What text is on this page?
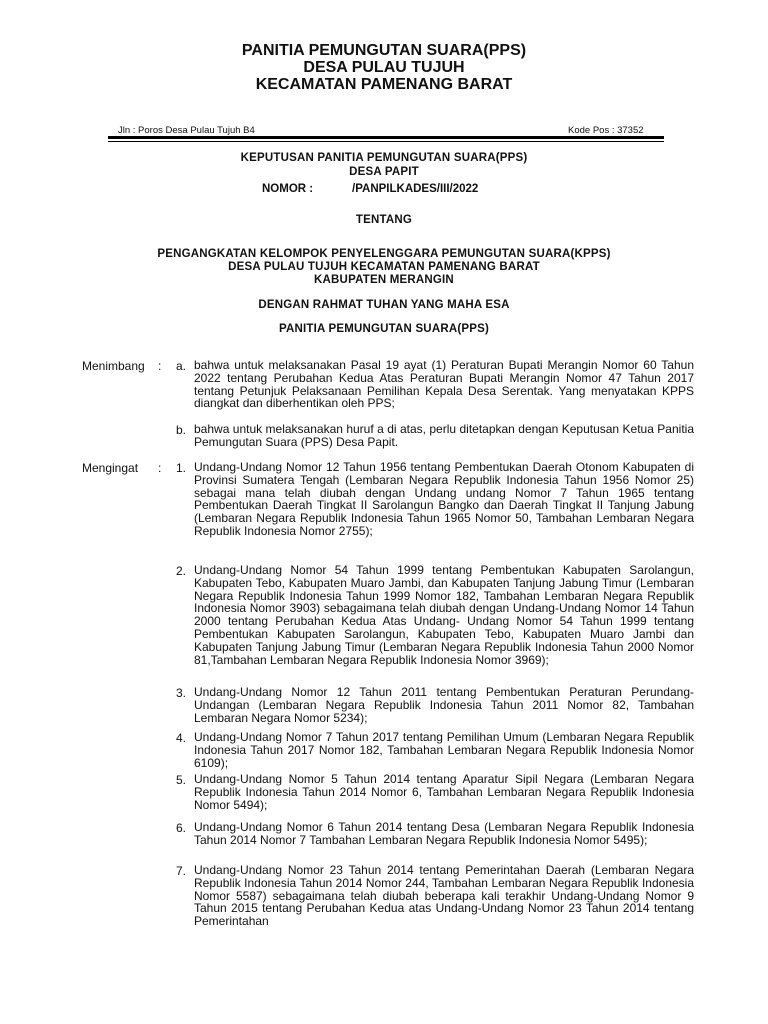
PANITIA PEMUNGUTAN SUARA(PPS)
DESA PULAU TUJUH
KECAMATAN PAMENANG BARAT
Jln : Poros Desa Pulau Tujuh B4	Kode Pos : 37352
KEPUTUSAN PANITIA PEMUNGUTAN SUARA(PPS)
DESA PAPIT
NOMOR :	/PANPILKADES/III/2022
TENTANG
PENGANGKATAN KELOMPOK PENYELENGGARA PEMUNGUTAN SUARA(KPPS)
DESA PULAU TUJUH KECAMATAN PAMENANG BARAT
KABUPATEN MERANGIN
DENGAN RAHMAT TUHAN YANG MAHA ESA
PANITIA PEMUNGUTAN SUARA(PPS)
Menimbang : a. bahwa untuk melaksanakan Pasal 19 ayat (1) Peraturan Bupati Merangin Nomor 60 Tahun 2022 tentang Perubahan Kedua Atas Peraturan Bupati Merangin Nomor 47 Tahun 2017 tentang Petunjuk Pelaksanaan Pemilihan Kepala Desa Serentak. Yang menyatakan KPPS diangkat dan diberhentikan oleh PPS;
b. bahwa untuk melaksanakan huruf a di atas, perlu ditetapkan dengan Keputusan Ketua Panitia Pemungutan Suara (PPS) Desa Papit.
Mengingat : 1. Undang-Undang Nomor 12 Tahun 1956 tentang Pembentukan Daerah Otonom Kabupaten di Provinsi Sumatera Tengah (Lembaran Negara Republik Indonesia Tahun 1956 Nomor 25) sebagai mana telah diubah dengan Undang undang Nomor 7 Tahun 1965 tentang Pembentukan Daerah Tingkat II Sarolangun Bangko dan Daerah Tingkat II Tanjung Jabung (Lembaran Negara Republik Indonesia Tahun 1965 Nomor 50, Tambahan Lembaran Negara Republik Indonesia Nomor 2755);
2. Undang-Undang Nomor 54 Tahun 1999 tentang Pembentukan Kabupaten Sarolangun, Kabupaten Tebo, Kabupaten Muaro Jambi, dan Kabupaten Tanjung Jabung Timur (Lembaran Negara Republik Indonesia Tahun 1999 Nomor 182, Tambahan Lembaran Negara Republik Indonesia Nomor 3903) sebagaimana telah diubah dengan Undang-Undang Nomor 14 Tahun 2000 tentang Perubahan Kedua Atas Undang- Undang Nomor 54 Tahun 1999 tentang Pembentukan Kabupaten Sarolangun, Kabupaten Tebo, Kabupaten Muaro Jambi dan Kabupaten Tanjung Jabung Timur (Lembaran Negara Republik Indonesia Tahun 2000 Nomor 81,Tambahan Lembaran Negara Republik Indonesia Nomor 3969);
3. Undang-Undang Nomor 12 Tahun 2011 tentang Pembentukan Peraturan Perundang-Undangan (Lembaran Negara Republik Indonesia Tahun 2011 Nomor 82, Tambahan Lembaran Negara Nomor 5234);
4. Undang-Undang Nomor 7 Tahun 2017 tentang Pemilihan Umum (Lembaran Negara Republik Indonesia Tahun 2017 Nomor 182, Tambahan Lembaran Negara Republik Indonesia Nomor 6109);
5. Undang-Undang Nomor 5 Tahun 2014 tentang Aparatur Sipil Negara (Lembaran Negara Republik Indonesia Tahun 2014 Nomor 6, Tambahan Lembaran Negara Republik Indonesia Nomor 5494);
6. Undang-Undang Nomor 6 Tahun 2014 tentang Desa (Lembaran Negara Republik Indonesia Tahun 2014 Nomor 7 Tambahan Lembaran Negara Republik Indonesia Nomor 5495);
7. Undang-Undang Nomor 23 Tahun 2014 tentang Pemerintahan Daerah (Lembaran Negara Republik Indonesia Tahun 2014 Nomor 244, Tambahan Lembaran Negara Republik Indonesia Nomor 5587) sebagaimana telah diubah beberapa kali terakhir Undang-Undang Nomor 9 Tahun 2015 tentang Perubahan Kedua atas Undang-Undang Nomor 23 Tahun 2014 tentang Pemerintahan
